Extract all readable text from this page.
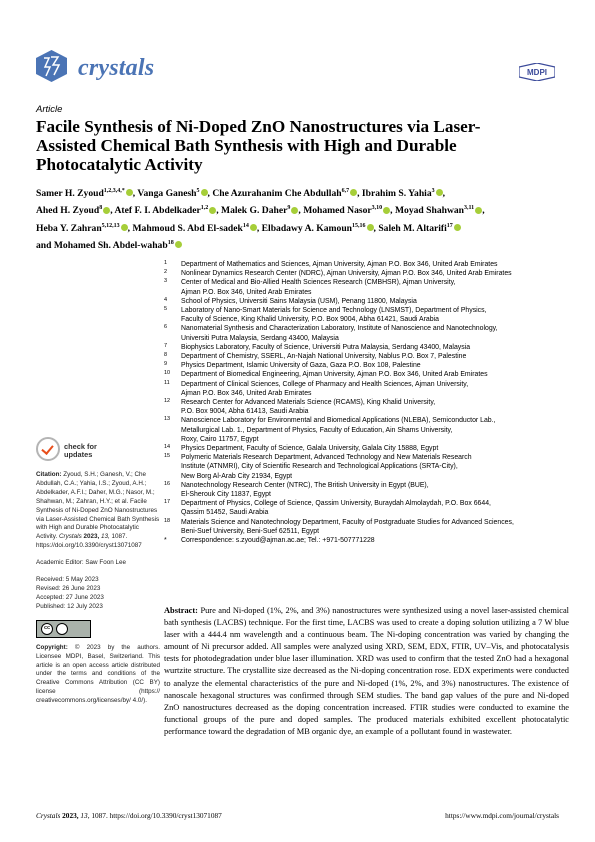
crystals	MDPI
Article
Facile Synthesis of Ni-Doped ZnO Nanostructures via Laser-Assisted Chemical Bath Synthesis with High and Durable Photocatalytic Activity
Samer H. Zyoud$^{1,2,3,4,*}$ , Vanga Ganesh$^5$ , Che Azurahanim Che Abdullah$^{6,7}$ , Ibrahim S. Yahia$^3$ ,
Ahed H. Zyoud$^8$ , Atef F. I. Abdelkader$^{1,2}$ , Malek G. Daher$^9$ , Mohamed Nasor$^{3,10}$ , Moyad Shahwan$^{3,11}$ ,
Heba Y. Zahran$^{5,12,13}$ , Mahmoud S. Abd El-sadek$^{14}$ , Elbadawy A. Kamoun$^{15,16}$ , Saleh M. Altarifi$^{17}$
and Mohamed Sh. Abdel-wahab$^{18}$
1 Department of Mathematics and Sciences, Ajman University, Ajman P.O. Box 346, United Arab Emirates
2 Nonlinear Dynamics Research Center (NDRC), Ajman University, Ajman P.O. Box 346, United Arab Emirates
3 Center of Medical and Bio-Allied Health Sciences Research (CMBHSR), Ajman University,
Ajman P.O. Box 346, United Arab Emirates
4 School of Physics, Universiti Sains Malaysia (USM), Penang 11800, Malaysia
5 Laboratory of Nano-Smart Materials for Science and Technology (LNSMST), Department of Physics,
Faculty of Science, King Khalid University, P.O. Box 9004, Abha 61421, Saudi Arabia
6 Nanomaterial Synthesis and Characterization Laboratory, Institute of Nanoscience and Nanotechnology,
Universiti Putra Malaysia, Serdang 43400, Malaysia
7 Biophysics Laboratory, Faculty of Science, Universiti Putra Malaysia, Serdang 43400, Malaysia
8 Department of Chemistry, SSERL, An-Najah National University, Nablus P.O. Box 7, Palestine
9 Physics Department, Islamic University of Gaza, Gaza P.O. Box 108, Palestine
10 Department of Biomedical Engineering, Ajman University, Ajman P.O. Box 346, United Arab Emirates
11 Department of Clinical Sciences, College of Pharmacy and Health Sciences, Ajman University,
Ajman P.O. Box 346, United Arab Emirates
12 Research Center for Advanced Materials Science (RCAMS), King Khalid University,
P.O. Box 9004, Abha 61413, Saudi Arabia
13 Nanoscience Laboratory for Environmental and Biomedical Applications (NLEBA), Semiconductor Lab.,
Metallurgical Lab. 1., Department of Physics, Faculty of Education, Ain Shams University,
Roxy, Cairo 11757, Egypt
14 Physics Department, Faculty of Science, Galala University, Galala City 15888, Egypt
15 Polymeric Materials Research Department, Advanced Technology and New Materials Research
Institute (ATNMRI), City of Scientific Research and Technological Applications (SRTA-City),
New Borg Al-Arab City 21934, Egypt
16 Nanotechnology Research Center (NTRC), The British University in Egypt (BUE),
El-Sherouk City 11837, Egypt
17 Department of Physics, College of Science, Qassim University, Buraydah Almolaydah, P.O. Box 6644,
Qassim 51452, Saudi Arabia
18 Materials Science and Nanotechnology Department, Faculty of Postgraduate Studies for Advanced Sciences,
Beni-Suef University, Beni-Suef 62511, Egypt
* Correspondence: s.zyoud@ajman.ac.ae; Tel.: +971-507771228
check for
updates
Citation: Zyoud, S.H.; Ganesh, V.; Che Abdullah, C.A.; Yahia, I.S.; Zyoud, A.H.; Abdelkader, A.F.I.; Daher, M.G.; Nasor, M.; Shahwan, M.; Zahran, H.Y.; et al. Facile Synthesis of Ni-Doped ZnO Nanostructures via Laser-Assisted Chemical Bath Synthesis with High and Durable Photocatalytic Activity. Crystals 2023, 13, 1087. https://doi.org/10.3390/cryst13071087
Academic Editor: Saw Foon Lee
Received: 5 May 2023
Revised: 26 June 2023
Accepted: 27 June 2023
Published: 12 July 2023
cc
Copyright: © 2023 by the authors. Licensee MDPI, Basel, Switzerland. This article is an open access article distributed under the terms and conditions of the Creative Commons Attribution (CC BY) license (https:// creativecommons.org/licenses/by/ 4.0/).
Abstract: Pure and Ni-doped (1%, 2%, and 3%) nanostructures were synthesized using a novel laser-assisted chemical bath synthesis (LACBS) technique. For the first time, LACBS was used to create a doping solution utilizing a 7 W blue laser with a 444.4 nm wavelength and a continuous beam. The Ni-doping concentration was varied by changing the amount of Ni precursor added. All samples were analyzed using XRD, SEM, EDX, FTIR, UV–Vis, and photocatalysis tests for photodegradation under blue laser illumination. XRD was used to confirm that the tested ZnO had a hexagonal wurtzite structure. The crystallite size decreased as the Ni-doping concentration rose. EDX experiments were conducted to analyze the elemental characteristics of the pure and Ni-doped (1%, 2%, and 3%) nanostructures. The existence of nanoscale hexagonal structures was confirmed through SEM studies. The band gap values of the pure and Ni-doped ZnO nanostructures decreased as the doping concentration increased. FTIR studies were conducted to examine the functional groups of the pure and doped samples. The produced materials exhibited excellent photocatalytic performance toward the degradation of MB organic dye, an example of a pollutant found in wastewater.
Crystals 2023, 13, 1087. https://doi.org/10.3390/cryst13071087	https://www.mdpi.com/journal/crystals
